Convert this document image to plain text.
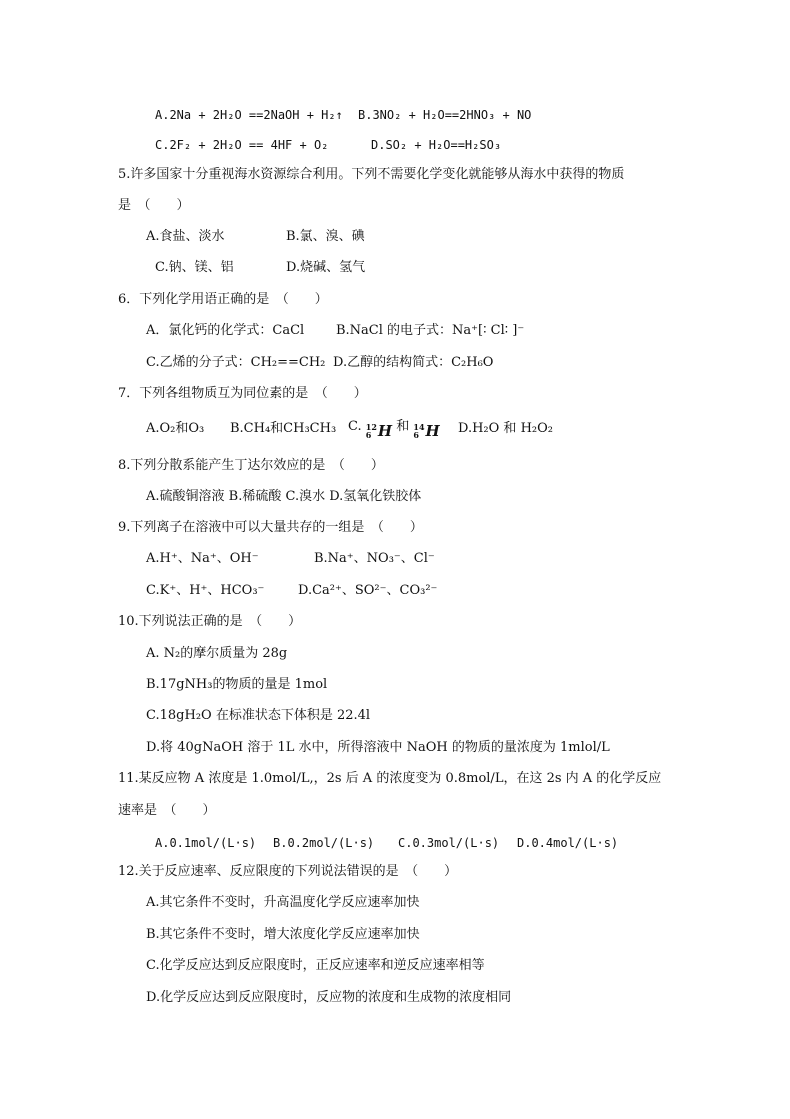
A.2Na + 2H₂O ==2NaOH + H₂↑ B.3NO₂ + H₂O==2HNO₃ + NO
C.2F₂ + 2H₂O == 4HF + O₂	D.SO₂ + H₂O==H₂SO₃
5.许多国家十分重视海水资源综合利用。下列不需要化学变化就能够从海水中获得的物质
是　（　　）
A.食盐、淡水	B.氯、溴、碘
C.钠、镁、铝	D.烧碱、氢气
6．下列化学用语正确的是　（　　）
A．氯化钙的化学式：CaCl B.NaCl 的电子式：Na⁺[∶ Cl∶ ]⁻
C.乙烯的分子式：CH₂==CH₂ D.乙醇的结构简式：C₂H₆O
7．下列各组物质互为同位素的是　（　　）
A.O₂和O₃ B.CH₄和CH₃CH₃ C. 12
6 H 和 14
6 H D.H₂O 和 H₂O₂
8.下列分散系能产生丁达尔效应的是　（　　）
A.硫酸铜溶液 B.稀硫酸 C.溴水 D.氢氧化铁胶体
9.下列离子在溶液中可以大量共存的一组是　（　　）
A.H⁺、Na⁺、OH⁻	B.Na⁺、NO₃⁻、Cl⁻
C.K⁺、H⁺、HCO₃⁻	D.Ca²⁺、SO²⁻、CO₃²⁻
10.下列说法正确的是　（　　）
A. N₂的摩尔质量为 28g
B.17gNH₃的物质的量是 1mol
C.18gH₂O 在标准状态下体积是 22.4l
D.将 40gNaOH 溶于 1L 水中，所得溶液中 NaOH 的物质的量浓度为 1mlol/L
11.某反应物 A 浓度是 1.0mol/L,，2s 后 A 的浓度变为 0.8mol/L，在这 2s 内 A 的化学反应
速率是　（　　）
A.0.1mol/(L·s) B.0.2mol/(L·s) C.0.3mol/(L·s) D.0.4mol/(L·s)
12.关于反应速率、反应限度的下列说法错误的是　（　　）
A.其它条件不变时，升高温度化学反应速率加快
B.其它条件不变时，增大浓度化学反应速率加快
C.化学反应达到反应限度时，正反应速率和逆反应速率相等
D.化学反应达到反应限度时，反应物的浓度和生成物的浓度相同
